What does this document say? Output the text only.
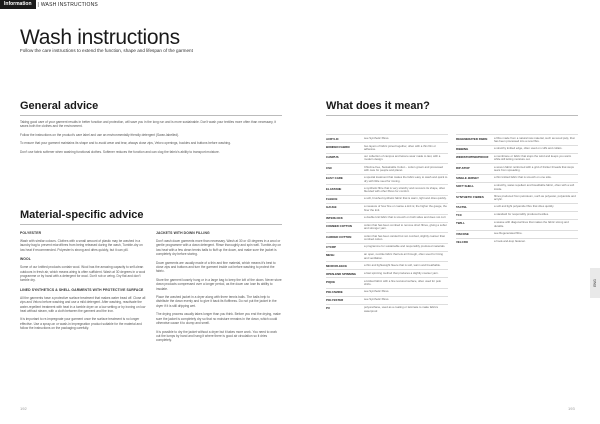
Information	| WASH INSTRUCTIONS
Wash instructions
Follow the care instructions to extend the function, shape and lifespan of the garment
General advice

Taking good care of your garment results in better function and protection, will save you in the long run and is more sustainable. Don't wash your textiles more often than necessary, it saves both the clothes and the environment.

Follow the instructions on the product's care label and use an environmentally friendly detergent (Swan-labelled).

To ensure that your garment maintains its shape and to avoid wear and tear, always close zips, Velcro openings, buckles and buttons before washing.

Don't use fabric softener when washing functional clothes. Softener reduces the function and can clog the fabric's ability to transport moisture.

Material-specific advice
POLYESTER

Wash with similar colours. Clothes with a small amount of plastic may be washed in a laundry bag to prevent microfibres from being released during the wash, Tumble-dry on low heat if recommended. Polyester is strong and dries quickly, but it can pill.

WOOL

Some of our knitted products contain wool. Wool has the amazing capacity to self-clean outdoors in fresh air, which means airing is often sufficient. Wash at 30 degrees in a wool programme or by hand with a detergent for wool. Don't rub or wring. Dry flat and don't tumble dry.

LINED SYNTHETICS & SHELL GARMENTS WITH PROTECTIVE SURFACE

All the garments have a protective surface treatment that makes water bead off. Close all zips and Velcro before washing and use a mild detergent. After washing, reactivate the water-repellent treatment with heat in a tumble dryer on a low setting or by ironing on low heat without steam, with a cloth between the garment and the iron.

It is important to re-impregnate your garment once the surface treatment is no longer effective. Use a spray-on or wash-in impregnation product suitable for the material and follow the instructions on the packaging carefully.

JACKETS WITH DOWN FILLING

Don't wash down garments more than necessary. Wash at 30 or 40 degrees in a wool or gentle programme with a down detergent. Rinse thoroughly and spin well. Tumble-dry on low heat with a few clean tennis balls to fluff up the down, and make sure the jacket is completely dry before storing.

Down garments are usually made of a thin and fine material, which means it's best to close zips and buttons and turn the garment inside out before washing to protect the fabric.

Store the garment loosely hung or in a large bag to keep the loft of the down. Never store down products compressed over a longer period, as the down can lose its ability to insulate.

Place the washed jacket in a dryer along with three tennis balls. The balls help to distribute the down evenly and to give it back its fluffiness. Do not put the jacket in the dryer if it is still dripping wet.

The drying process usually takes longer than you think. Before you end the drying, make sure the jacket is completely dry so that no moisture remains in the down, which could otherwise cause it to clump and smell.

It is possible to dry the jacket without a dryer but it takes more work. You need to work out the lumps by hand and hang it where there is good air circulation so it dries completely.

What does it mean?
ACRYLIC	see Synthetic fibres.
BONDED FABRIC	two layers of fabric joined together, often with a thin film or adhesive.
CAMPUS	our collection of campus and leisure wear made to last, with a modern design.
CSC	Chlorine-free, Sustainable Cotton - cotton grown and processed with care for people and planet.
EASY CARE	a special treatment that makes the fabric easy to wash and quick to dry with little need for ironing.
ELASTANE	a synthetic fibre that is very stretchy and recovers its shape, often blended with other fibres for comfort.
FLEECE	a soft, brushed synthetic fabric that is warm, light and dries quickly.
GAUGE	a measure of how fine or coarse a knit is; the higher the gauge, the finer the knit.
INTERLOCK	a double knit fabric that is smooth on both sides and does not curl.
COMBED COTTON	cotton that has been combed to remove short fibres, giving a softer and stronger yarn.
CARDED COTTON	cotton that has been carded but not combed, slightly coarser than combed cotton.
CTCRP	a programme for sustainable and responsibly produced materials.
MESH	an open, net-like fabric that lets air through, often used for lining and ventilation.
MICROFLEECE	a thin and lightweight fleece that is soft, warm and breathable.
OPEN-END SPINNING	a fast spinning method that produces a slightly coarser yarn.
PIQUE	a knitted fabric with a fine textured surface, often used for polo shirts.
POLYAMIDE	see Synthetic fibres.
POLYESTER	see Synthetic fibres.
PU	polyurethane, used as a coating or laminate to make fabrics waterproof.
REGENERATED FIBRE	a fibre made from a natural raw material, such as wood pulp, that has been processed into a new fibre.
RIBBING	a stretchy knitted edge, often used on cuffs and collars.
WINDSTOPPER/PROOF	a membrane or fabric that stops the wind and keeps you warm while still letting moisture out.
RIP-STOP	a woven fabric reinforced with a grid of thicker threads that stops tears from spreading.
SINGLE JERSEY	a thin knitted fabric that is smooth on one side.
SOFT SHELL	a stretchy, water-repellent and breathable fabric, often with a soft inside.
SYNTHETIC FIBRES	fibres produced from petroleum, such as polyester, polyamide and acrylic.
TACTEL	a soft and light polyamide fibre that dries quickly.
TCC	a standard for responsibly produced textiles.
TWILL	a weave with diagonal lines that makes the fabric strong and durable.
VISCOSE	see Regenerated fibre.
VELCRO	a hook-and-loop fastener.
192	193
ENG
